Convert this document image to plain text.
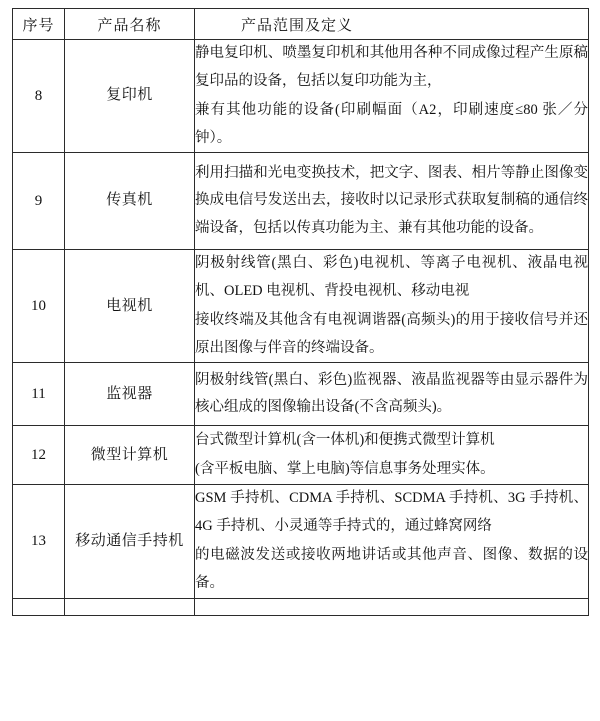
序号	产品名称	产品范围及定义
8	复印机	静电复印机、喷墨复印机和其他用各种不同成像过程产生原稿复印品的设备，包括以复印功能为主，

兼有其他功能的设备(印刷幅面（A2，印刷速度≤80 张／分钟）。

9	传真机	利用扫描和光电变换技术，把文字、图表、相片等静止图像变换成电信号发送出去，接收时以记录形式获取复制稿的通信终端设备，包括以传真功能为主、兼有其他功能的设备。

10	电视机	阴极射线管(黑白、彩色)电视机、等离子电视机、液晶电视机、OLED 电视机、背投电视机、移动电视

接收终端及其他含有电视调谐器(高频头)的用于接收信号并还原出图像与伴音的终端设备。

11	监视器	阴极射线管(黑白、彩色)监视器、液晶监视器等由显示器件为核心组成的图像输出设备(不含高频头)。

12	微型计算机	台式微型计算机(含一体机)和便携式微型计算机

(含平板电脑、掌上电脑)等信息事务处理实体。

13	移动通信手持机	GSM 手持机、CDMA 手持机、SCDMA 手持机、3G 手持机、4G 手持机、小灵通等手持式的，通过蜂窝网络

的电磁波发送或接收两地讲话或其他声音、图像、数据的设备。
